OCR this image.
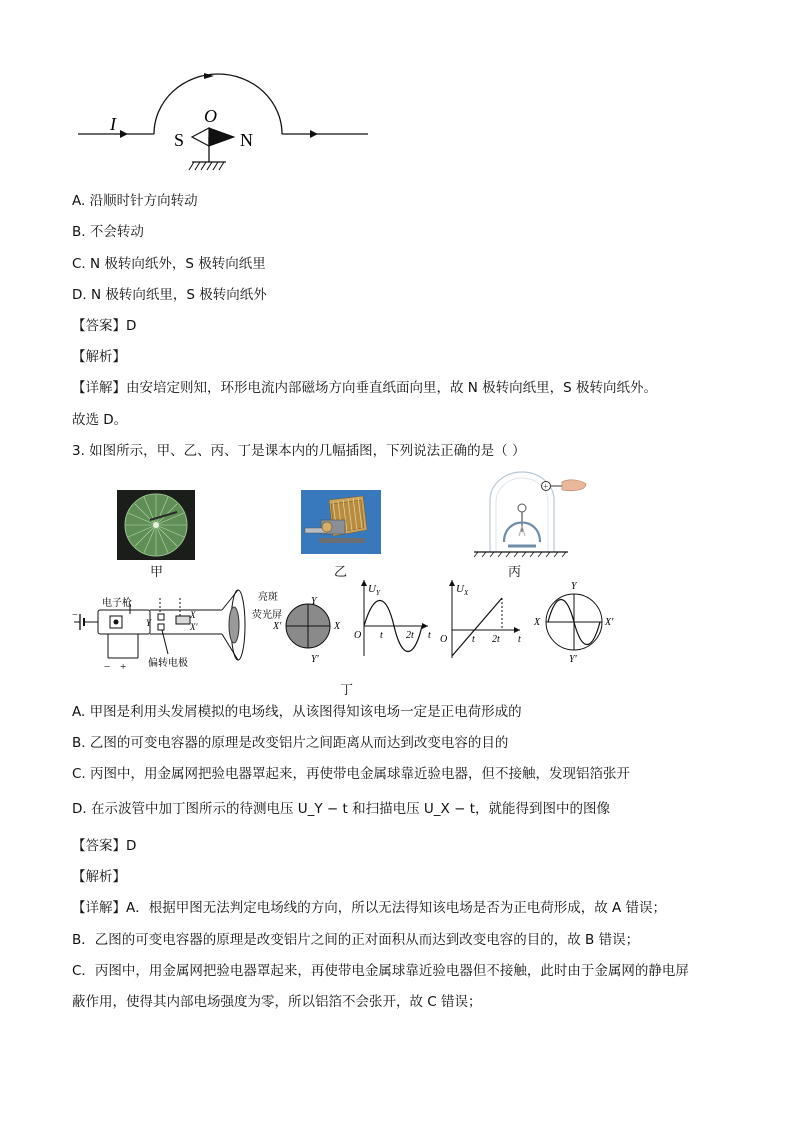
I	O
S	N
A. 沿顺时针方向转动
B. 不会转动
C. N 极转向纸外，S 极转向纸里
D. N 极转向纸里，S 极转向纸外
【答案】D
【解析】
【详解】由安培定则知，环形电流内部磁场方向垂直纸面向里，故 N 极转向纸里，S 极转向纸外。
故选 D。
3. 如图所示，甲、乙、丙、丁是课本内的几幅插图，下列说法正确的是（ ）
甲	乙
+
丙
−
电子枪
− + 偏转电极
X
X′
Y
亮斑
荧光屏
Y
Y′
X′	X
U Y
O t 2t t
U X
O t 2t t
Y
Y′
X	X′
丁
A. 甲图是利用头发屑模拟的电场线，从该图得知该电场一定是正电荷形成的
B. 乙图的可变电容器的原理是改变铝片之间距离从而达到改变电容的目的
C. 丙图中，用金属网把验电器罩起来，再使带电金属球靠近验电器，但不接触，发现铝箔张开
D. 在示波管中加丁图所示的待测电压 U_Y − t 和扫描电压 U_X − t，就能得到图中的图像
【答案】D
【解析】
【详解】A．根据甲图无法判定电场线的方向，所以无法得知该电场是否为正电荷形成，故 A 错误；
B．乙图的可变电容器的原理是改变铝片之间的正对面积从而达到改变电容的目的，故 B 错误；
C．丙图中，用金属网把验电器罩起来，再使带电金属球靠近验电器但不接触，此时由于金属网的静电屏
蔽作用，使得其内部电场强度为零，所以铝箔不会张开，故 C 错误；
